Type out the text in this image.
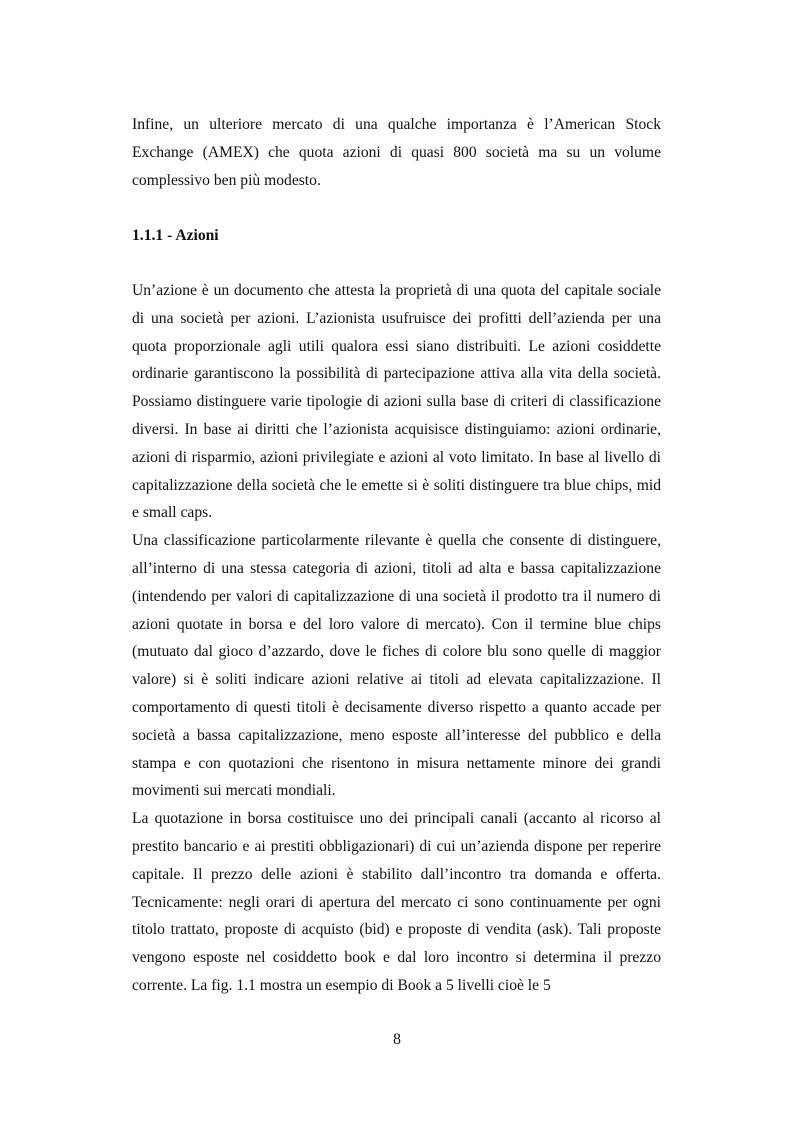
Infine, un ulteriore mercato di una qualche importanza è l’American Stock Exchange (AMEX) che quota azioni di quasi 800 società ma su un volume complessivo ben più modesto.

1.1.1 - Azioni

Un’azione è un documento che attesta la proprietà di una quota del capitale sociale di una società per azioni. L’azionista usufruisce dei profitti dell’azienda per una quota proporzionale agli utili qualora essi siano distribuiti. Le azioni cosiddette ordinarie garantiscono la possibilità di partecipazione attiva alla vita della società. Possiamo distinguere varie tipologie di azioni sulla base di criteri di classificazione diversi. In base ai diritti che l’azionista acquisisce distinguiamo: azioni ordinarie, azioni di risparmio, azioni privilegiate e azioni al voto limitato. In base al livello di capitalizzazione della società che le emette si è soliti distinguere tra blue chips, mid e small caps.

Una classificazione particolarmente rilevante è quella che consente di distinguere, all’interno di una stessa categoria di azioni, titoli ad alta e bassa capitalizzazione (intendendo per valori di capitalizzazione di una società il prodotto tra il numero di azioni quotate in borsa e del loro valore di mercato). Con il termine blue chips (mutuato dal gioco d’azzardo, dove le fiches di colore blu sono quelle di maggior valore) si è soliti indicare azioni relative ai titoli ad elevata capitalizzazione. Il comportamento di questi titoli è decisamente diverso rispetto a quanto accade per società a bassa capitalizzazione, meno esposte all’interesse del pubblico e della stampa e con quotazioni che risentono in misura nettamente minore dei grandi movimenti sui mercati mondiali.

La quotazione in borsa costituisce uno dei principali canali (accanto al ricorso al prestito bancario e ai prestiti obbligazionari) di cui un’azienda dispone per reperire capitale. Il prezzo delle azioni è stabilito dall’incontro tra domanda e offerta. Tecnicamente: negli orari di apertura del mercato ci sono continuamente per ogni titolo trattato, proposte di acquisto (bid) e proposte di vendita (ask). Tali proposte vengono esposte nel cosiddetto book e dal loro incontro si determina il prezzo corrente. La fig. 1.1 mostra un esempio di Book a 5 livelli cioè le 5

8
